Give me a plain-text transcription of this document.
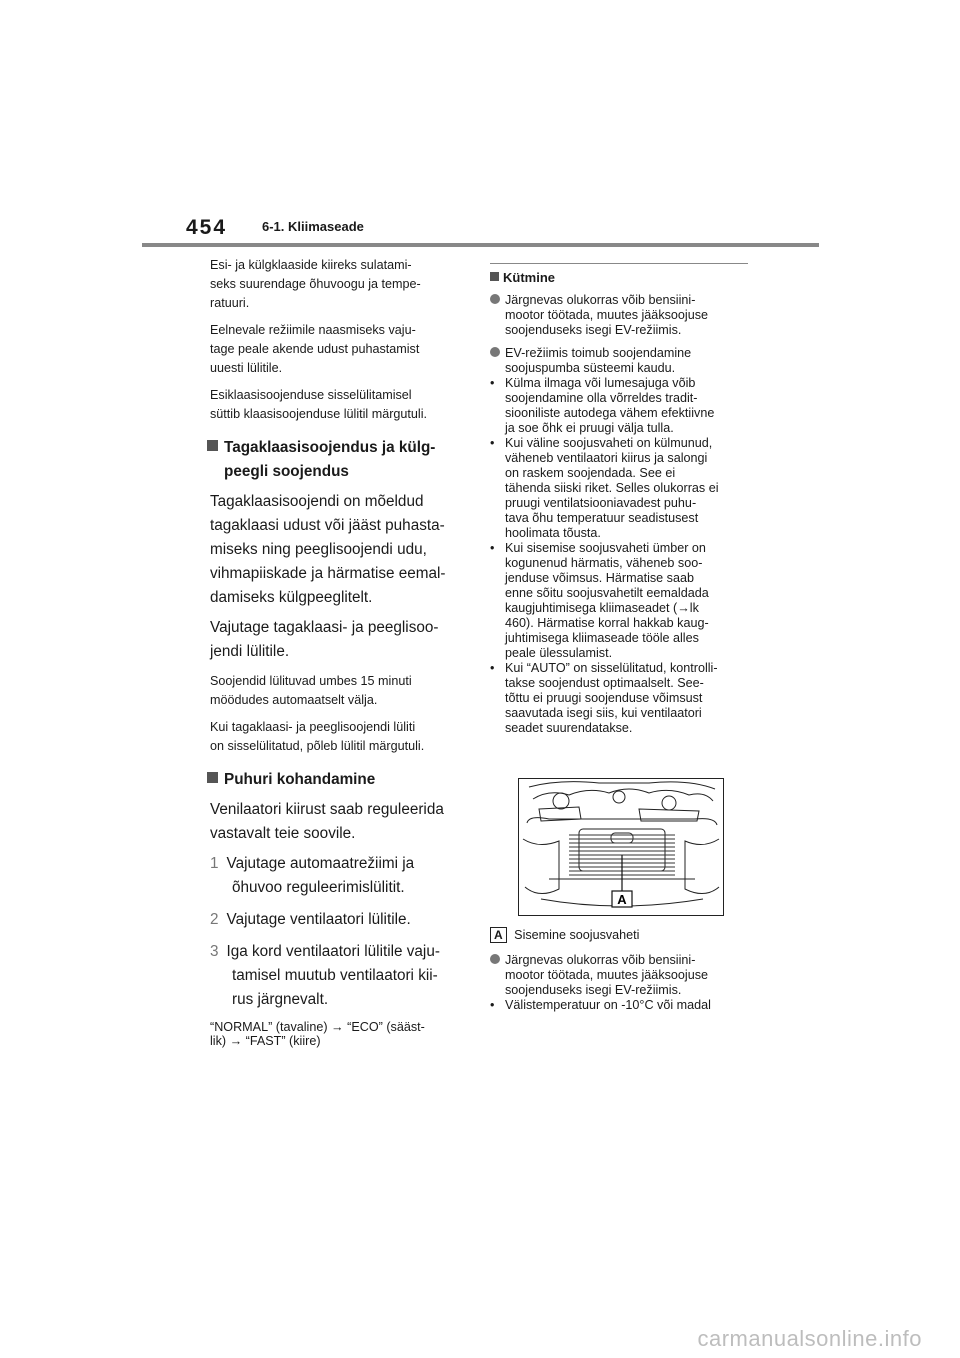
454	6-1. Kliimaseade
Esi- ja külgklaaside kiireks sulatami-
seks suurendage õhuvoogu ja tempe-
ratuuri.
Eelnevale režiimile naasmiseks vaju-
tage peale akende udust puhastamist
uuesti lülitile.
Esiklaasisoojenduse sisselülitamisel
süttib klaasisoojenduse lülitil märgutuli.
Tagaklaasisoojendus ja külg-
peegli soojendus
Tagaklaasisoojendi on mõeldud
tagaklaasi udust või jääst puhasta-
miseks ning peeglisoojendi udu,
vihmapiiskade ja härmatise eemal-
damiseks külgpeeglitelt.
Vajutage tagaklaasi- ja peeglisoo-
jendi lülitile.
Soojendid lülituvad umbes 15 minuti
möödudes automaatselt välja.
Kui tagaklaasi- ja peeglisoojendi lüliti
on sisselülitatud, põleb lülitil märgutuli.
Puhuri kohandamine
Venilaatori kiirust saab reguleerida
vastavalt teie soovile.
1 Vajutage automaatrežiimi ja
õhuvoo reguleerimislülitit.
2 Vajutage ventilaatori lülitile.
3 Iga kord ventilaatori lülitile vaju-
tamisel muutub ventilaatori kii-
rus järgnevalt.
“NORMAL” (tavaline) → “ECO” (sääst-
lik) → “FAST” (kiire)
Kütmine
Järgnevas olukorras võib bensiini-
mootor töötada, muutes jääksoojuse
soojenduseks isegi EV-režiimis.
EV-režiimis toimub soojendamine
soojuspumba süsteemi kaudu.
• Külma ilmaga või lumesajuga võib
soojendamine olla võrreldes tradit-
siooniliste autodega vähem efektiivne
ja soe õhk ei pruugi välja tulla.
• Kui väline soojusvaheti on külmunud,
väheneb ventilaatori kiirus ja salongi
on raskem soojendada. See ei
tähenda siiski riket. Selles olukorras ei
pruugi ventilatsiooniavadest puhu-
tava õhu temperatuur seadistusest
hoolimata tõusta.
• Kui sisemise soojusvaheti ümber on
kogunenud härmatis, väheneb soo-
jenduse võimsus. Härmatise saab
enne sõitu soojusvahetilt eemaldada
kaugjuhtimisega kliimaseadet (→lk
460). Härmatise korral hakkab kaug-
juhtimisega kliimaseade tööle alles
peale ülessulamist.
• Kui “AUTO” on sisselülitatud, kontrolli-
takse soojendust optimaalselt. See-
tõttu ei pruugi soojenduse võimsust
saavutada isegi siis, kui ventilaatori
seadet suurendatakse.
A
A Sisemine soojusvaheti
Järgnevas olukorras võib bensiini-
mootor töötada, muutes jääksoojuse
soojenduseks isegi EV-režiimis.
• Välistemperatuur on -10°C või madal
carmanualsonline.info
